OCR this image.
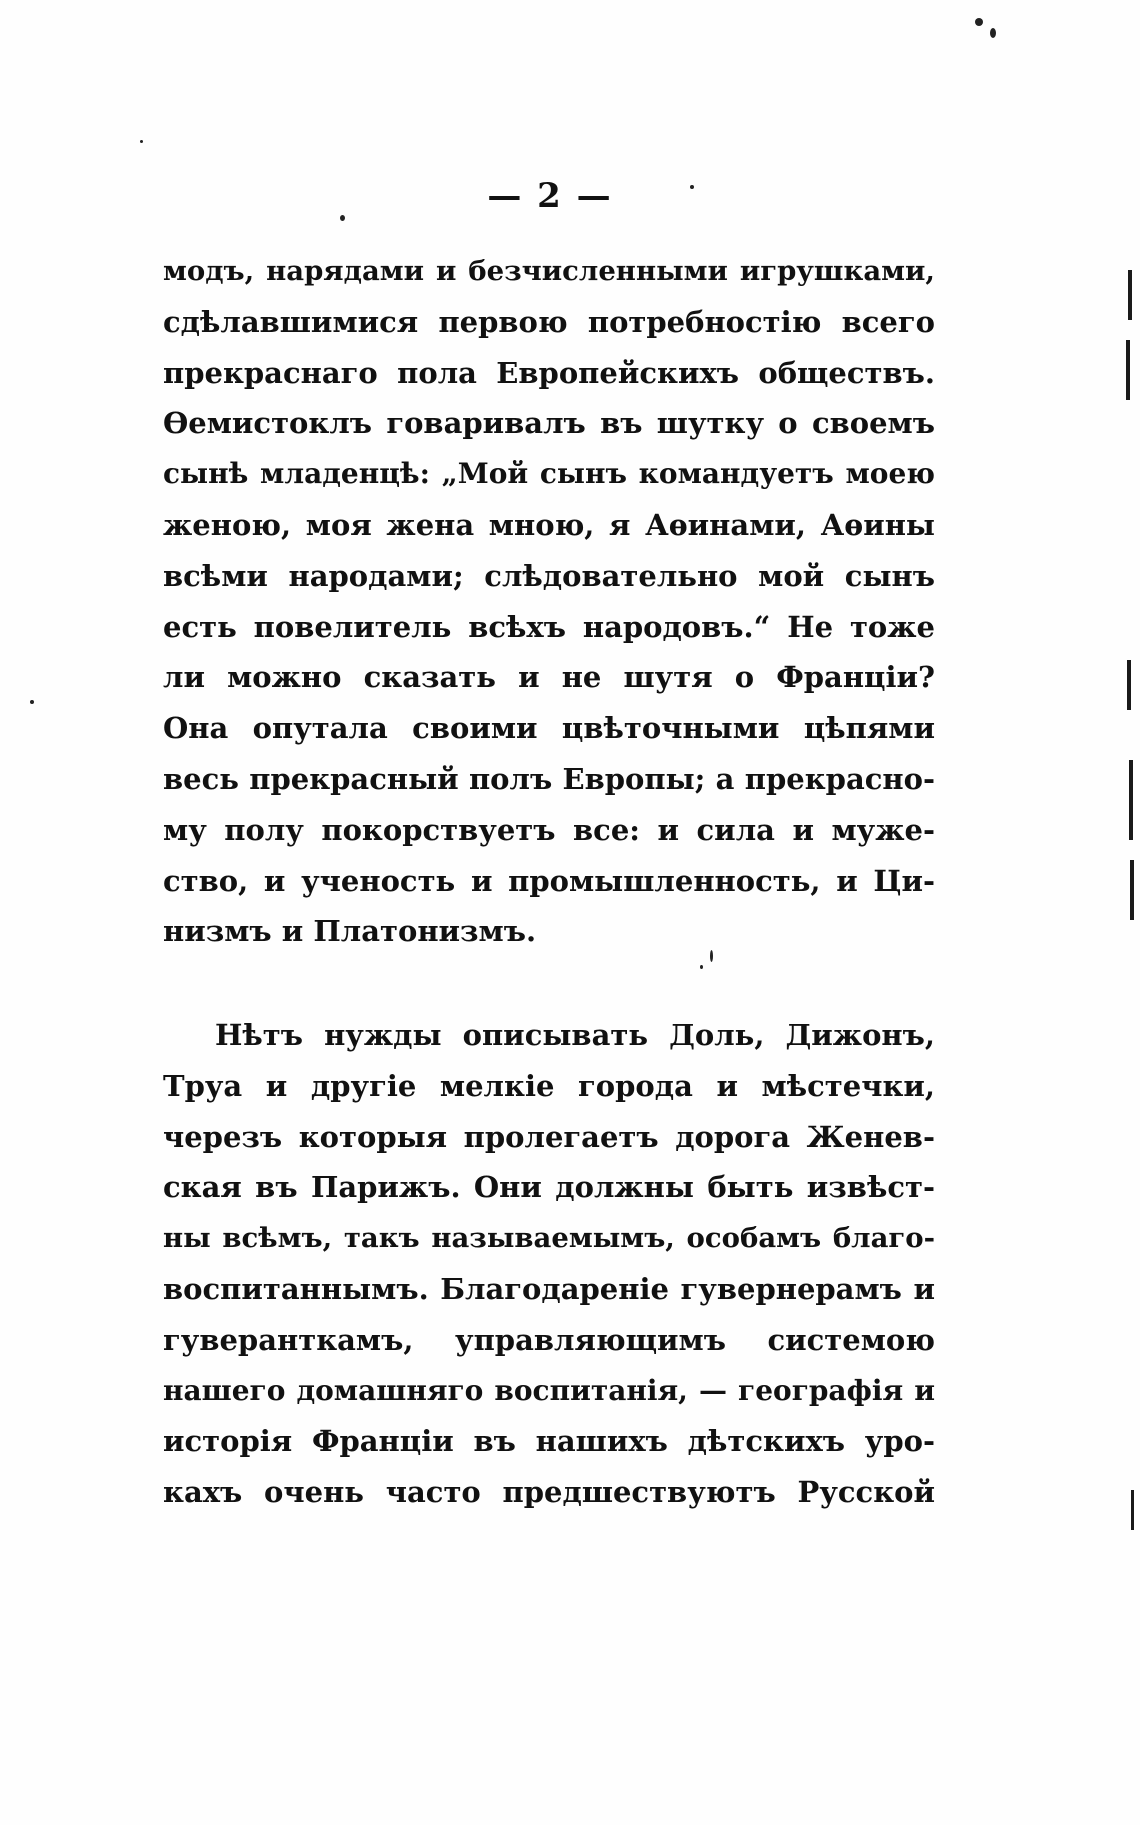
— 2 —
модъ, нарядами и безчисленными игрушками,
сдѣлавшимися первою потребностію всего
прекраснаго пола Европейскихъ обществъ.
Ѳемистоклъ говаривалъ въ шутку о своемъ
сынѣ младенцѣ: „Мой сынъ командуетъ моею
женою, моя жена мною, я Аѳинами, Аѳины
всѣми народами; слѣдовательно мой сынъ
есть повелитель всѣхъ народовъ.“ Не тоже
ли можно сказать и не шутя о Франціи?
Она опутала своими цвѣточными цѣпями
весь прекрасный полъ Европы; а прекрасно-
му полу покорствуетъ все: и сила и муже-
ство, и ученость и промышленность, и Ци-
низмъ и Платонизмъ.
Нѣтъ нужды описывать Доль, Дижонъ,
Труа и другіе мелкіе города и мѣстечки,
черезъ которыя пролегаетъ дорога Женев-
ская въ Парижъ. Они должны быть извѣст-
ны всѣмъ, такъ называемымъ, особамъ благо-
воспитаннымъ. Благодареніе гувернерамъ и
гуверанткамъ, управляющимъ системою
нашего домашняго воспитанія, — географія и
исторія Франціи въ нашихъ дѣтскихъ уро-
кахъ очень часто предшествуютъ Русской
